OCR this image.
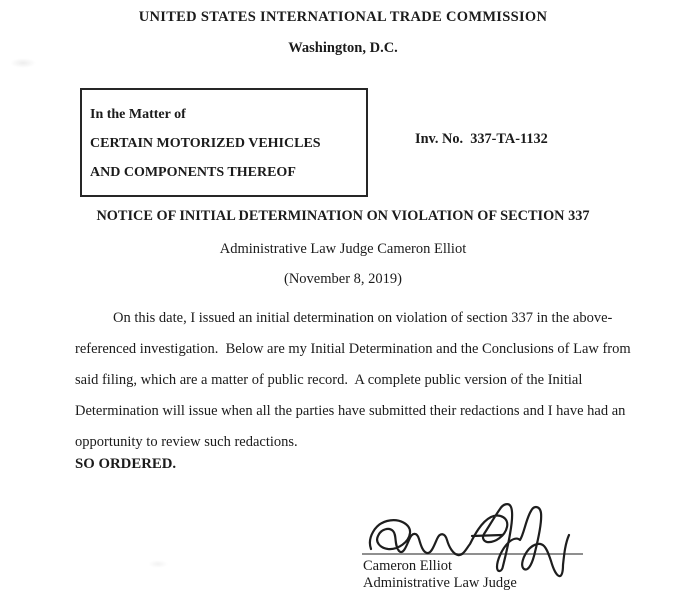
UNITED STATES INTERNATIONAL TRADE COMMISSION
Washington, D.C.
In the Matter of
CERTAIN MOTORIZED VEHICLES
AND COMPONENTS THEREOF
Inv. No.  337-TA-1132
NOTICE OF INITIAL DETERMINATION ON VIOLATION OF SECTION 337
Administrative Law Judge Cameron Elliot
(November 8, 2019)
On this date, I issued an initial determination on violation of section 337 in the above-
referenced investigation.  Below are my Initial Determination and the Conclusions of Law from
said filing, which are a matter of public record.  A complete public version of the Initial
Determination will issue when all the parties have submitted their redactions and I have had an
opportunity to review such redactions.
SO ORDERED.
Cameron Elliot
Administrative Law Judge
